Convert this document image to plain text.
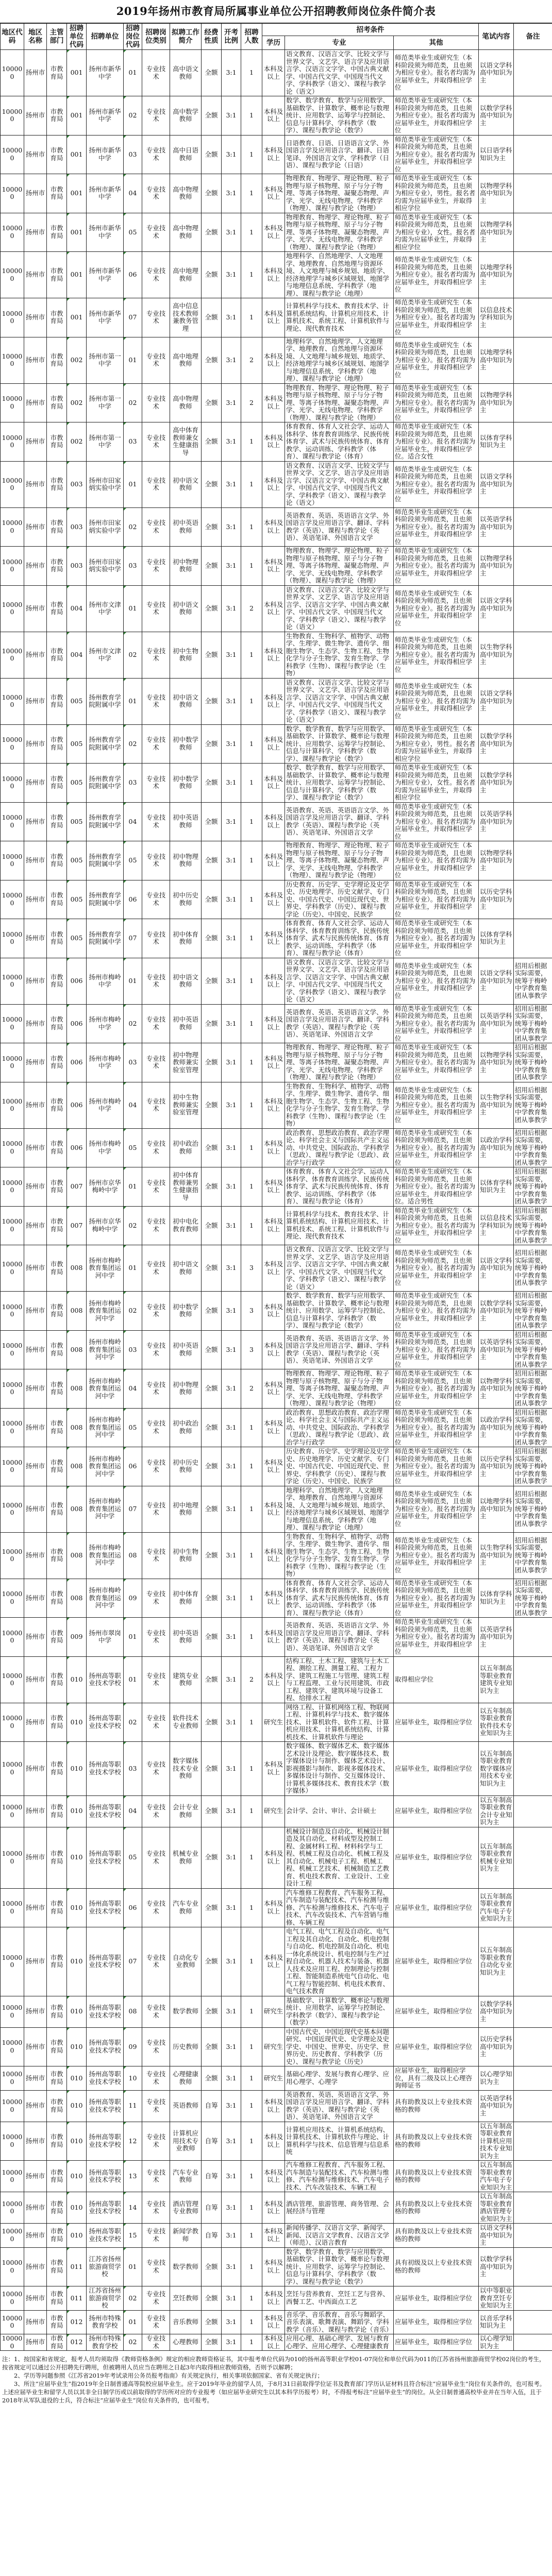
2019年扬州市教育局所属事业单位公开招聘教师岗位条件简介表
地区代码	地区名称	主管部门	招聘单位代码	招聘单位	招聘岗位代码	招聘岗位类别	拟聘工作简介	经费性质	开考比例	招聘人数	招考条件			笔试内容	备注
											学历	专业	其他		
100000	扬州市	市教育局	001	扬州市新华中学	01	专业技术	高中语文教师	全额	3:1	1	本科及以上	语文教育、汉语言文学、比较文学与世界文学、文艺学、语言学及应用语言学、汉语言文字学、中国古典文献学、中国古代文学、中国现当代文学、学科教学（语文）、课程与教学论（语文）	师范类毕业生或研究生（本科阶段须为师范类，且也须为相应专业）。报名者均需为应届毕业生，并取得相应学位	以语文学科高中知识为主	
100000	扬州市	市教育局	001	扬州市新华中学	02	专业技术	高中数学教师	全额	3:1	1	本科及以上	数学、数学教育、数学与应用数学、基础数学、计算数学、概率论与数理统计、应用数学、运筹学与控制论、信息与计算科学、学科教学（数学）、课程与教学论（数学）	师范类毕业生或研究生（本科阶段须为师范类，且也须为相应专业）。报名者均需为应届毕业生，并取得相应学位	以数学学科高中知识为主	
100000	扬州市	市教育局	001	扬州市新华中学	03	专业技术	高中日语教师	全额	3:1	1	本科及以上	日语教育、日语、日语语言文学、外国语言学及应用语言学、翻译、日语笔译、外国语言文学、学科教学（日语）、课程与教学论（日语）	师范类毕业生或研究生（本科阶段须为师范类，且也须为相应专业）。报名者均需为应届毕业生，并取得相应学位	以日语学科知识为主	
100000	扬州市	市教育局	001	扬州市新华中学	04	专业技术	高中物理教师	全额	3:1	1	本科及以上	物理教育、物理学、理论物理、粒子物理与原子核物理、原子与分子物理、等离子体物理、凝聚态物理、声学、光学、无线电物理、学科教学（物理）、课程与教学论（物理）	师范类毕业生或研究生（本科阶段须为师范类，且也须为相应专业），男性。报名者均需为应届毕业生，并取得相应学位	以物理学科高中知识为主	
100000	扬州市	市教育局	001	扬州市新华中学	05	专业技术	高中物理教师	全额	3:1	1	本科及以上	物理教育、物理学、理论物理、粒子物理与原子核物理、原子与分子物理、等离子体物理、凝聚态物理、声学、光学、无线电物理、学科教学（物理）、课程与教学论（物理）	师范类毕业生或研究生（本科阶段须为师范类，且也须为相应专业），女性。报名者均需为应届毕业生，并取得相应学位	以物理学科高中知识为主	
100000	扬州市	市教育局	001	扬州市新华中学	06	专业技术	高中地理教师	全额	3:1	1	本科及以上	地理科学、自然地理学、人文地理学、地理教育、自然地理与资源环境、人文地理与城乡规划、地质学、经济地理学与城乡区域规划、地图学与地理信息系统、学科教学（地理）、课程与教学论（地理）	师范类毕业生或研究生（本科阶段须为师范类，且也须为相应专业）。报名者均需为应届毕业生，并取得相应学位	以地理学科高中知识为主	
100000	扬州市	市教育局	001	扬州市新华中学	07	专业技术	高中信息技术教师兼教务管理	全额	3:1	1	本科及以上	计算机科学与技术、教育技术学、计算机系统结构、计算机应用技术、计算机技术、系统工程、计算机软件与理论、现代教育技术	师范类毕业生或研究生（本科阶段须为师范类，且也须为相应专业）。报名者均需为应届毕业生，并取得相应学位	以信息技术学科知识为主	
100000	扬州市	市教育局	002	扬州市第一中学	01	专业技术	高中地理教师	全额	3:1	2	本科及以上	地理科学、自然地理学、人文地理学、地理教育、自然地理与资源环境、人文地理与城乡规划、地质学、经济地理学与城乡区域规划、地图学与地理信息系统、学科教学（地理）、课程与教学论（地理）	师范类毕业生或研究生（本科阶段须为师范类，且也须为相应专业）。报名者均需为应届毕业生，并取得相应学位	以地理学科高中知识为主	
100000	扬州市	市教育局	002	扬州市第一中学	02	专业技术	高中物理教师	全额	3:1	2	本科及以上	物理教育、物理学、理论物理、粒子物理与原子核物理、原子与分子物理、等离子体物理、凝聚态物理、声学、光学、无线电物理、学科教学（物理）、课程与教学论（物理）	师范类毕业生或研究生（本科阶段须为师范类，且也须为相应专业）。报名者均需为应届毕业生，并取得相应学位	以物理学科高中知识为主	
100000	扬州市	市教育局	002	扬州市第一中学	03	专业技术	高中体育教师兼女生健康指导	全额	3:1	1	本科及以上	体育教育、体育人文社会学、运动人体科学、体育教育训练学、民族传统体育学、武术与民族传统体育、体育教学、运动训练、学科教学（体育）、课程与教学论（体育）	师范类毕业生或研究生（本科阶段须为师范类，且也须为相应专业）。报名者均需为应届毕业生，并取得相应学位。适合女性	以体育学科知识为主	
100000	扬州市	市教育局	003	扬州市田家炳实验中学	01	专业技术	初中语文教师	全额	3:1	1	本科及以上	语文教育、汉语言文学、比较文学与世界文学、文艺学、语言学及应用语言学、汉语言文字学、中国古典文献学、中国古代文学、中国现当代文学、学科教学（语文）、课程与教学论（语文）	师范类毕业生或研究生（本科阶段须为师范类，且也须为相应专业）。报名者均需为应届毕业生，并取得相应学位	以语文学科高中知识为主	
100000	扬州市	市教育局	003	扬州市田家炳实验中学	02	专业技术	初中英语教师	全额	3:1	1	本科及以上	英语教育、英语、英语语言文学、外国语言学及应用语言学、翻译、学科教学（英语）、课程与教学论（英语）、英语笔译、外国语言文学	师范类毕业生或研究生（本科阶段须为师范类，且也须为相应专业）。报名者均需为应届毕业生，并取得相应学位	以英语学科高中知识为主	
100000	扬州市	市教育局	003	扬州市田家炳实验中学	03	专业技术	初中物理教师	全额	3:1	1	本科及以上	物理教育、物理学、理论物理、粒子物理与原子核物理、原子与分子物理、等离子体物理、凝聚态物理、声学、光学、无线电物理、学科教学（物理）、课程与教学论（物理）	师范类毕业生或研究生（本科阶段须为师范类，且也须为相应专业）。报名者均需为应届毕业生，并取得相应学位	以物理学科高中知识为主	
100000	扬州市	市教育局	004	扬州市文津中学	01	专业技术	初中语文教师	全额	3:1	2	本科及以上	语文教育、汉语言文学、比较文学与世界文学、文艺学、语言学及应用语言学、汉语言文字学、中国古典文献学、中国古代文学、中国现当代文学、学科教学（语文）、课程与教学论（语文）	师范类毕业生或研究生（本科阶段须为师范类，且也须为相应专业）。报名者均需为应届毕业生，并取得相应学位	以语文学科高中知识为主	
100000	扬州市	市教育局	004	扬州市文津中学	02	专业技术	初中生物教师	全额	3:1	1	本科及以上	生物教育、生物科学、植物学、动物学、生理学、微生物学、遗传学、细胞生物学、生态学、生物工程、生物化学与分子生物学、发育生物学、学科教学（生物）、课程与教学论（生物）	师范类毕业生或研究生（本科阶段须为师范类，且也须为相应专业）。报名者均需为应届毕业生，并取得相应学位	以生物学科高中知识为主	
100000	扬州市	市教育局	005	扬州教育学院附属中学	01	专业技术	初中语文教师	全额	3:1	1	本科及以上	语文教育、汉语言文学、比较文学与世界文学、文艺学、语言学及应用语言学、汉语言文字学、中国古典文献学、中国古代文学、中国现当代文学、学科教学（语文）、课程与教学论（语文）	师范类毕业生或研究生（本科阶段须为师范类，且也须为相应专业）。报名者均需为应届毕业生，并取得相应学位	以语文学科高中知识为主	
100000	扬州市	市教育局	005	扬州教育学院附属中学	02	专业技术	初中数学教师	全额	3:1	1	本科及以上	数学、数学教育、数学与应用数学、基础数学、计算数学、概率论与数理统计、应用数学、运筹学与控制论、信息与计算科学、学科教学（数学）、课程与教学论（数学）	师范类毕业生或研究生（本科阶段须为师范类，且也须为相应专业），男性。报名者均需为应届毕业生，并取得相应学位	以数学学科高中知识为主	
100000	扬州市	市教育局	005	扬州教育学院附属中学	03	专业技术	初中数学教师	全额	3:1	1	本科及以上	数学、数学教育、数学与应用数学、基础数学、计算数学、概率论与数理统计、应用数学、运筹学与控制论、信息与计算科学、学科教学（数学）、课程与教学论（数学）	师范类毕业生或研究生（本科阶段须为师范类，且也须为相应专业），女性。报名者均需为应届毕业生，并取得相应学位	以数学学科高中知识为主	
100000	扬州市	市教育局	005	扬州教育学院附属中学	04	专业技术	初中英语教师	全额	3:1	1	本科及以上	英语教育、英语、英语语言文学、外国语言学及应用语言学、翻译、学科教学（英语）、课程与教学论（英语）、英语笔译、外国语言文学	师范类毕业生或研究生（本科阶段须为师范类，且也须为相应专业）。报名者均需为应届毕业生，并取得相应学位	以英语学科高中知识为主	
100000	扬州市	市教育局	005	扬州教育学院附属中学	05	专业技术	初中物理教师	全额	3:1	1	本科及以上	物理教育、物理学、理论物理、粒子物理与原子核物理、原子与分子物理、等离子体物理、凝聚态物理、声学、光学、无线电物理、学科教学（物理）、课程与教学论（物理）	师范类毕业生或研究生（本科阶段须为师范类，且也须为相应专业）。报名者均需为应届毕业生，并取得相应学位	以物理学科高中知识为主	
100000	扬州市	市教育局	005	扬州教育学院附属中学	06	专业技术	初中历史教师	全额	3:1	1	本科及以上	历史教育、历史学、史学理论及史学史、历史地理学、历史文献学、专门史、中国古代史、中国近现代史、世界史、学科教学（历史）、课程与教学论（历史）、中国史、民族学	师范类毕业生或研究生（本科阶段须为师范类，且也须为相应专业）。报名者均需为应届毕业生，并取得相应学位	以历史学科高中知识为主	
100000	扬州市	市教育局	005	扬州教育学院附属中学	07	专业技术	初中体育教师	全额	3:1	1	本科及以上	体育教育、体育人文社会学、运动人体科学、体育教育训练学、民族传统体育学、武术与民族传统体育、体育教学、运动训练、学科教学（体育）、课程与教学论（体育）	师范类毕业生或研究生（本科阶段须为师范类，且也须为相应专业）。报名者均需为应届毕业生，并取得相应学位	以体育学科知识为主	
100000	扬州市	市教育局	006	扬州市梅岭中学	01	专业技术	初中语文教师	全额	3:1	1	本科及以上	语文教育、汉语言文学、比较文学与世界文学、文艺学、语言学及应用语言学、汉语言文字学、中国古典文献学、中国古代文学、中国现当代文学、学科教学（语文）、课程与教学论（语文）	师范类毕业生或研究生（本科阶段须为师范类，且也须为相应专业）。报名者均需为应届毕业生，并取得相应学位	以语文学科高中知识为主	招用后根据实际需要，统筹于梅岭中学教育集团从事教学
100000	扬州市	市教育局	006	扬州市梅岭中学	02	专业技术	初中英语教师	全额	3:1	1	本科及以上	英语教育、英语、英语语言文学、外国语言学及应用语言学、翻译、学科教学（英语）、课程与教学论（英语）、英语笔译、外国语言文学	师范类毕业生或研究生（本科阶段须为师范类，且也须为相应专业）。报名者均需为应届毕业生，并取得相应学位	以英语学科高中知识为主	招用后根据实际需要，统筹于梅岭中学教育集团从事教学
100000	扬州市	市教育局	006	扬州市梅岭中学	03	专业技术	初中物理教师兼实验室管理	全额	3:1	1	本科及以上	物理教育、物理学、理论物理、粒子物理与原子核物理、原子与分子物理、等离子体物理、凝聚态物理、声学、光学、无线电物理、学科教学（物理）、课程与教学论（物理）	师范类毕业生或研究生（本科阶段须为师范类，且也须为相应专业）。报名者均需为应届毕业生，并取得相应学位	以物理学科高中知识为主	招用后根据实际需要，统筹于梅岭中学教育集团从事教学
100000	扬州市	市教育局	006	扬州市梅岭中学	04	专业技术	初中生物教师兼实验室管理	全额	3:1	1	本科及以上	生物教育、生物科学、植物学、动物学、生理学、微生物学、遗传学、细胞生物学、生态学、生物工程、生物化学与分子生物学、发育生物学、学科教学（生物）、课程与教学论（生物）	师范类毕业生或研究生（本科阶段须为师范类，且也须为相应专业）。报名者均需为应届毕业生，并取得相应学位	以生物学科高中知识为主	招用后根据实际需要，统筹于梅岭中学教育集团从事教学
100000	扬州市	市教育局	006	扬州市梅岭中学	05	专业技术	初中政治教师	全额	3:1	1	本科及以上	政治教育、思想政治教育、政治学理论、科学社会主义与国际共产主义运动、中共党史、国际政治、学科教学（思政）、课程与教学论（思政）、政治学与行政学	师范类毕业生或研究生（本科阶段须为师范类，且也须为相应专业）。报名者均需为应届毕业生，并取得相应学位	以政治学科高中知识为主	招用后根据实际需要，统筹于梅岭中学教育集团从事教学
100000	扬州市	市教育局	007	扬州市京华梅岭中学	01	专业技术	初中体育教师兼男生健康指导	全额	3:1	1	本科及以上	体育教育、体育人文社会学、运动人体科学、体育教育训练学、民族传统体育学、武术与民族传统体育、体育教学、运动训练、学科教学（体育）、课程与教学论（体育）	师范类毕业生或研究生（本科阶段须为师范类，且也须为相应专业）。报名者均需为应届毕业生，并取得相应学位。适合男性	以体育学科知识为主	招用后根据实际需要，统筹于梅岭中学教育集团从事教学
100000	扬州市	市教育局	007	扬州市京华梅岭中学	02	专业技术	初中电化教育教师	全额	3:1	1	本科及以上	计算机科学与技术、教育技术学、计算机系统结构、计算机应用技术、计算机技术、系统工程、计算机软件与理论、现代教育技术	师范类毕业生或研究生（本科阶段须为师范类，且也须为相应专业）。报名者均需为应届毕业生，并取得相应学位	以信息技术学科知识为主	招用后根据实际需要，统筹于梅岭中学教育集团从事教学
100000	扬州市	市教育局	008	扬州市梅岭教育集团运河中学	01	专业技术	初中语文教师	全额	3:1	3	本科及以上	语文教育、汉语言文学、比较文学与世界文学、文艺学、语言学及应用语言学、汉语言文字学、中国古典文献学、中国古代文学、中国现当代文学、学科教学（语文）、课程与教学论（语文）	师范类毕业生或研究生（本科阶段须为师范类，且也须为相应专业）。报名者均需为应届毕业生，并取得相应学位	以语文学科高中知识为主	招用后根据实际需要，统筹于梅岭中学教育集团从事教学
100000	扬州市	市教育局	008	扬州市梅岭教育集团运河中学	02	专业技术	初中数学教师	全额	3:1	3	本科及以上	数学、数学教育、数学与应用数学、基础数学、计算数学、概率论与数理统计、应用数学、运筹学与控制论、信息与计算科学、学科教学（数学）、课程与教学论（数学）	师范类毕业生或研究生（本科阶段须为师范类，且也须为相应专业）。报名者均需为应届毕业生，并取得相应学位	以数学学科高中知识为主	招用后根据实际需要，统筹于梅岭中学教育集团从事教学
100000	扬州市	市教育局	008	扬州市梅岭教育集团运河中学	03	专业技术	初中英语教师	全额	3:1	3	本科及以上	英语教育、英语、英语语言文学、外国语言学及应用语言学、翻译、学科教学（英语）、课程与教学论（英语）、英语笔译、外国语言文学	师范类毕业生或研究生（本科阶段须为师范类，且也须为相应专业）。报名者均需为应届毕业生，并取得相应学位	以英语学科高中知识为主	招用后根据实际需要，统筹于梅岭中学教育集团从事教学
100000	扬州市	市教育局	008	扬州市梅岭教育集团运河中学	04	专业技术	初中物理教师	全额	3:1	2	本科及以上	物理教育、物理学、理论物理、粒子物理与原子核物理、原子与分子物理、等离子体物理、凝聚态物理、声学、光学、无线电物理、学科教学（物理）、课程与教学论（物理）	师范类毕业生或研究生（本科阶段须为师范类，且也须为相应专业）。报名者均需为应届毕业生，并取得相应学位	以物理学科高中知识为主	招用后根据实际需要，统筹于梅岭中学教育集团从事教学
100000	扬州市	市教育局	008	扬州市梅岭教育集团运河中学	05	专业技术	初中政治教师	全额	3:1	1	本科及以上	政治教育、思想政治教育、政治学理论、科学社会主义与国际共产主义运动、中共党史、国际政治、学科教学（思政）、课程与教学论（思政）、政治学与行政学	师范类毕业生或研究生（本科阶段须为师范类，且也须为相应专业）。报名者均需为应届毕业生，并取得相应学位	以政治学科高中知识为主	招用后根据实际需要，统筹于梅岭中学教育集团从事教学
100000	扬州市	市教育局	008	扬州市梅岭教育集团运河中学	06	专业技术	初中历史教师	全额	3:1	1	本科及以上	历史教育、历史学、史学理论及史学史、历史地理学、历史文献学、专门史、中国古代史、中国近现代史、世界史、学科教学（历史）、课程与教学论（历史）、中国史、民族学	师范类毕业生或研究生（本科阶段须为师范类，且也须为相应专业）。报名者均需为应届毕业生，并取得相应学位	以历史学科高中知识为主	招用后根据实际需要，统筹于梅岭中学教育集团从事教学
100000	扬州市	市教育局	008	扬州市梅岭教育集团运河中学	07	专业技术	初中地理教师	全额	3:1	1	本科及以上	地理科学、自然地理学、人文地理学、地理教育、自然地理与资源环境、人文地理与城乡规划、地质学、经济地理学与城乡区域规划、地图学与地理信息系统、学科教学（地理）、课程与教学论（地理）	师范类毕业生或研究生（本科阶段须为师范类，且也须为相应专业）。报名者均需为应届毕业生，并取得相应学位	以地理学科高中知识为主	招用后根据实际需要，统筹于梅岭中学教育集团从事教学
100000	扬州市	市教育局	008	扬州市梅岭教育集团运河中学	08	专业技术	初中生物教师	全额	3:1	1	本科及以上	生物教育、生物科学、植物学、动物学、生理学、微生物学、遗传学、细胞生物学、生态学、生物工程、生物化学与分子生物学、发育生物学、学科教学（生物）、课程与教学论（生物）	师范类毕业生或研究生（本科阶段须为师范类，且也须为相应专业）。报名者均需为应届毕业生，并取得相应学位	以生物学科高中知识为主	招用后根据实际需要，统筹于梅岭中学教育集团从事教学
100000	扬州市	市教育局	008	扬州市梅岭教育集团运河中学	09	专业技术	初中体育教师	全额	3:1	1	本科及以上	体育教育、体育人文社会学、运动人体科学、体育教育训练学、民族传统体育学、武术与民族传统体育、体育教学、运动训练、学科教学（体育）、课程与教学论（体育）	师范类毕业生或研究生（本科阶段须为师范类，且也须为相应专业）。报名者均需为应届毕业生，并取得相应学位	以体育学科知识为主	招用后根据实际需要，统筹于梅岭中学教育集团从事教学
100000	扬州市	市教育局	009	扬州市翠岗中学	01	专业技术	初中英语教师	全额	3:1	1	本科及以上	英语教育、英语、英语语言文学、外国语言学及应用语言学、翻译、学科教学（英语）、课程与教学论（英语）、英语笔译、外国语言文学	师范类毕业生或研究生（本科阶段须为师范类，且也须为相应专业）。报名者均需为应届毕业生，并取得相应学位	以英语学科高中知识为主	
100000	扬州市	市教育局	010	扬州高等职业技术学校	01	专业技术	建筑专业教师	全额	3:1	2	本科及以上	结构工程、土木工程、建筑与土木工程、测绘工程、测量工程、工程力学、建筑工程施工与管理、建筑工程与工程监理、工业与民用建筑、市政工程、建筑学、建筑环境与设备工程、给排水工程	取得相应学位	以五年制高等职业教育建筑专业知识为主	
100000	扬州市	市教育局	010	扬州高等职业技术学校	02	专业技术	软件技术专业教师	全额	3:1	1	研究生	网络工程、计算机网络工程、物联网工程、计算机科学与技术、数字媒体技术、计算机软件、软件工程、计算机应用技术、计算机系统结构、计算机技术、计算机软件与理论	应届毕业生，取得相应学位	以五年制高等职业教育软件技术专业知识为主	
100000	扬州市	市教育局	010	扬州高等职业技术学校	03	专业技术	数字媒体技术专业教师	全额	3:1	1	本科及以上	数字媒体、数字媒体艺术、数字媒体艺术设计及理论、数字媒体技术、数字媒体设计与制作、媒体艺术设计、影视摄影与制作、影视多媒体技术、多媒体设计与制作、交互媒体设计、计算机多媒体技术、教育技术学（数字媒体）	应届毕业生，取得相应学位	以五年制高等职业教育数字媒体应用技术专业知识为主	
100000	扬州市	市教育局	010	扬州高等职业技术学校	04	专业技术	会计专业教师	全额	3:1	1	研究生	会计学、会计、审计、会计硕士	应届毕业生，取得相应学位	以五年制高等职业教育会计专业知识为主	
100000	扬州市	市教育局	010	扬州高等职业技术学校	05	专业技术	机械专业教师	全额	3:1	1	本科及以上	机械设计制造及自动化、机械设计制造及其自动化、材料成型及控制工程、金属材料工程、材料科学与工程、机械工程及自动化、机械工程及其自动化、机械电子工程、机械工程、机械工艺技术、机械制造工艺教育、机电技术教育、工业设计、工业设计工程	应届毕业生，取得相应学位	以五年制高等职业教育机械专业知识为主	
100000	扬州市	市教育局	010	扬州高等职业技术学校	06	专业技术	汽车专业教师	全额	3:1	1	本科及以上	汽车维修工程教育、汽车服务工程、汽车制造与装配技术、汽车检测与维修、汽车检测与维修技术、汽车电子技术、汽车改装技术、汽车营销与维修、车辆工程	应届毕业生，取得相应学位	以五年制高等职业教育汽车电子专业知识为主	
100000	扬州市	市教育局	010	扬州高等职业技术学校	07	专业技术	自动化专业教师	全额	3:1	1	本科及以上	电气工程、电气工程及自动化、电气工程及其自动化、自动化、机电控制与自动化、机电控制及自动化、机电一体化系统设计、机电控制与生产过程自动化、机器人技术与装备、机器人技术及应用工程、控制理论与控制工程、智能制造系统电气自动化、电气工程与智能控制、机电技术教育、电气技术教育	应届毕业生，取得相应学位	以五年制高等职业教育自动化专业知识为主	
100000	扬州市	市教育局	010	扬州高等职业技术学校	08	专业技术	数学教师	全额	3:1	1	研究生	基础数学、计算数学、概率论与数理统计、应用数学、运筹学与控制论、学科教学（数学）、课程与教学论（数学）	应届毕业生，取得相应学位	以数学学科高中知识为主	
100000	扬州市	市教育局	010	扬州高等职业技术学校	09	专业技术	历史教师	全额	3:1	1	研究生	中国古代史、中国近现代史基本问题研究、中国近现代史、史学理论及史学史、中国史、世界史、历史学、世界历史、历史教育、学科教学（历史）、课程与教学论（历史）	应届毕业生，取得相应学位	以历史学科高中知识为主	
100000	扬州市	市教育局	010	扬州高等职业技术学校	10	专业技术	心理健康教师	全额	3:1	1	研究生	基础心理学、发展与教育心理学、应用心理学、心理学	应届毕业生，取得相应学位，具有二级及以上心理咨询师证书	以心理学知识为主	
100000	扬州市	市教育局	010	扬州高等职业技术学校	11	专业技术	英语教师	自筹	3:1	1	本科及以上	英语教育、英语、英语语言文学、外国语言学及应用语言学、翻译、学科教学（英语）、课程与教学论（英语）、英语笔译、外国语言文学	具有助教及以上专业技术资格的教师	以英语学科高中知识为主	
100000	扬州市	市教育局	010	扬州高等职业技术学校	12	专业技术	计算机应用技术专业教师	自筹	3:1	1	本科及以上	计算机应用技术、计算机系统结构、计算机技术、计算机软件与理论、计算机科学与技术、信息管理与信息系统	具有助教及以上专业技术资格的教师	以五年制高等职业教育计算机应用技术专业知识为主	
100000	扬州市	市教育局	010	扬州高等职业技术学校	13	专业技术	汽车专业教师	自筹	3:1	1	本科及以上	汽车维修工程教育、汽车服务工程、汽车制造与装配技术、汽车检测与维修、汽车检测与维修技术、汽车电子技术、汽车改装技术、车辆工程	具有助教及以上专业技术资格的教师	以五年制高等职业教育汽车电子专业知识为主	
100000	扬州市	市教育局	010	扬州高等职业技术学校	14	专业技术	酒店管理专业教师	自筹	3:1	1	本科及以上	酒店管理、旅游管理、商务管理、会展经济与管理	具有助教及以上专业技术资格的教师	以五年制高等职业教育酒店管理专业知识为主	
100000	扬州市	市教育局	010	扬州高等职业技术学校	15	专业技术	新闻学教师	自筹	3:1	1	本科及以上	新闻传播学、汉语言文学、新闻学、新闻、汉语言文学教育、汉语言文学（师范）、汉语言教育	具有助教及以上专业技术资格的教师	以语文学科高中知识为主	
100000	扬州市	市教育局	011	江苏省扬州旅游商贸学校	01	专业技术	数学教师	全额	3:1	1	本科及以上	数学、数学教育、数学与应用数学、基础数学、计算数学、概率论与数理统计、应用数学、运筹学与控制论、信息与计算科学、学科教学（数学）、课程与教学论（数学）	具有初级及以上专业技术资格的教师	以数学学科高中知识为主	
100000	扬州市	市教育局	011	江苏省扬州旅游商贸学校	02	专业技术	烹饪教师	全额	3:1	1	本科及以上	烹饪与营养教育、烹饪工艺与营养、西餐工艺、中西面点工艺	应届毕业生，取得相应学位	以中等职业教育烹饪专业知识为主	
100000	扬州市	市教育局	012	扬州市特殊教育学校	01	专业技术	音乐教师	全额	3:1	1	本科及以上	音乐学、音乐教育、音乐与舞蹈学、音乐表演、歌舞表演、舞蹈学、学科教学（音乐）、课程与教学论（音乐）	应届毕业生，取得相应学位	以音乐学科知识为主	
100000	扬州市	市教育局	012	扬州市特殊教育学校	02	专业技术	心理教师	全额	3:1	1	本科及以上	应用心理、基础心理学、发展与教育心理学、应用心理学、心理健康教育	应届毕业生，取得相应学位	以心理学知识为主	

注：1、按国家和省规定，报考人员均须取得《教师资格条例》规定的相应教师资格证书，其中报考单位代码为010的扬州高等职业学校01-07岗位和单位代码为011的江苏省扬州旅游商贸学校02岗位的考生，按省规定可以通过公开招聘先行聘用，但被聘用人员应当在聘用之日起3年内取得相应教师资格，否则予以解聘；

2、学历等问题参照《江苏省2019年考试录用公务员报考指南》有关规定执行，相关事项依据国家、省有关规定执行；

3、所注“应届毕业生”指2019年全日制普通高等院校应届毕业生。应于2019年毕业的留学人员，于8月31日前取得学位证书及教育部门学历认证材料且符合标注“应届毕业生”岗位有关条件的，也可报考。上述应届毕业生和留学人员以其非全日制学历或以前取得的学历所对应的专业报考（如应届毕业研究生以其本科学历报考）时，不得报考标注“应届毕业生”的岗位。从全日制普通高校毕业并在当年入伍，且于2018年从军队退役的士兵，符合标注“应届毕业生”岗位有关条件的，也可报考。
